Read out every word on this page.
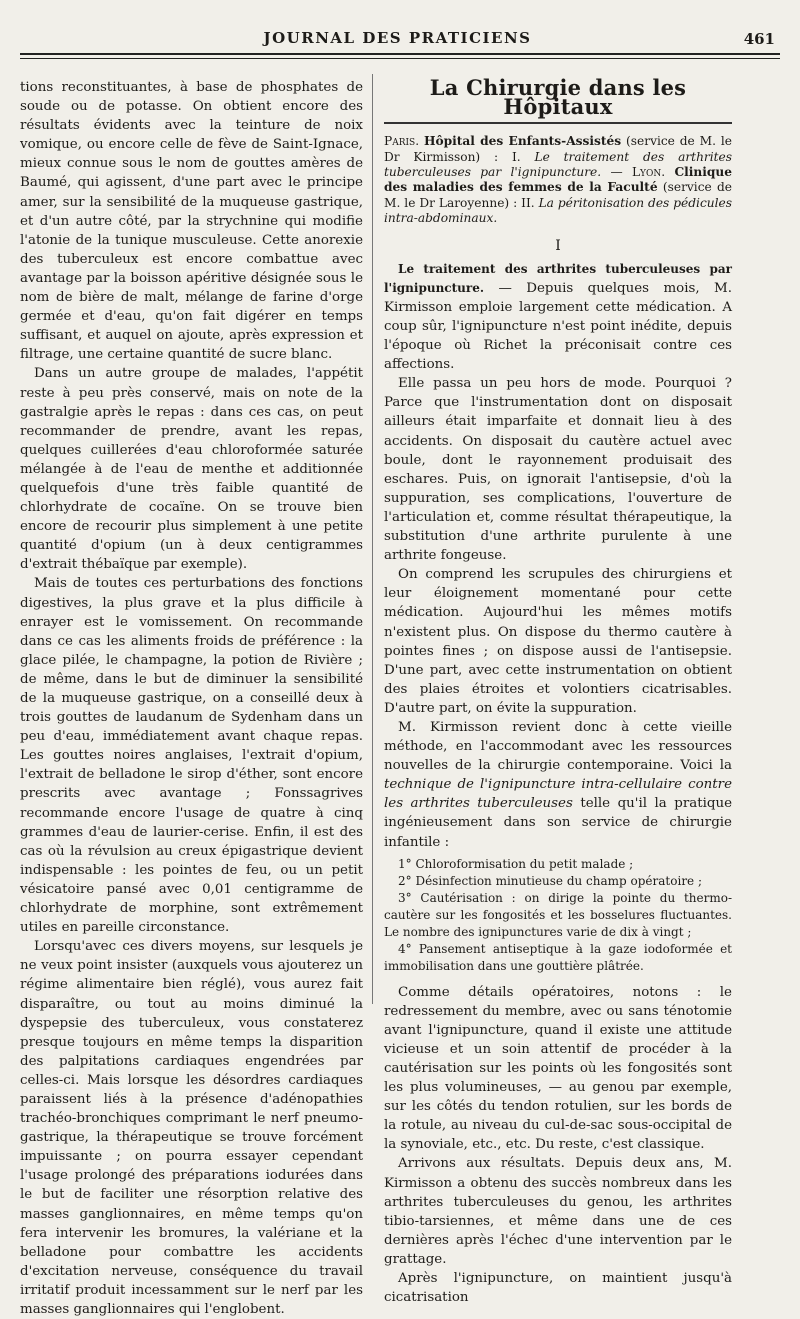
JOURNAL DES PRATICIENS	461

tions reconstituantes, à base de phosphates de soude ou de potasse. On obtient encore des résultats évidents avec la teinture de noix vomique, ou encore celle de fève de Saint-Ignace, mieux connue sous le nom de gouttes amères de Baumé, qui agissent, d'une part avec le principe amer, sur la sensibilité de la muqueuse gastrique, et d'un autre côté, par la strychnine qui modifie l'atonie de la tunique musculeuse. Cette anorexie des tuberculeux est encore combattue avec avantage par la boisson apéritive désignée sous le nom de bière de malt, mélange de farine d'orge germée et d'eau, qu'on fait digérer en temps suffisant, et auquel on ajoute, après expression et filtrage, une certaine quantité de sucre blanc.

Dans un autre groupe de malades, l'appétit reste à peu près conservé, mais on note de la gastralgie après le repas : dans ces cas, on peut recommander de prendre, avant les repas, quelques cuillerées d'eau chloroformée saturée mélangée à de l'eau de menthe et additionnée quelquefois d'une très faible quantité de chlorhydrate de cocaïne. On se trouve bien encore de recourir plus simplement à une petite quantité d'opium (un à deux centigrammes d'extrait thébaïque par exemple).

Mais de toutes ces perturbations des fonctions digestives, la plus grave et la plus difficile à enrayer est le vomissement. On recommande dans ce cas les aliments froids de préférence : la glace pilée, le champagne, la potion de Rivière ; de même, dans le but de diminuer la sensibilité de la muqueuse gastrique, on a conseillé deux à trois gouttes de laudanum de Sydenham dans un peu d'eau, immédiatement avant chaque repas. Les gouttes noires anglaises, l'extrait d'opium, l'extrait de belladone le sirop d'éther, sont encore prescrits avec avantage ; Fonssagrives recommande encore l'usage de quatre à cinq grammes d'eau de laurier-cerise. Enfin, il est des cas où la révulsion au creux épigastrique devient indispensable : les pointes de feu, ou un petit vésicatoire pansé avec 0,01 centigramme de chlorhydrate de morphine, sont extrêmement utiles en pareille circonstance.

Lorsqu'avec ces divers moyens, sur lesquels je ne veux point insister (auxquels vous ajouterez un régime alimentaire bien réglé), vous aurez fait disparaître, ou tout au moins diminué la dyspepsie des tuberculeux, vous constaterez presque toujours en même temps la disparition des palpitations cardiaques engendrées par celles-ci. Mais lorsque les désordres cardiaques paraissent liés à la présence d'adénopathies trachéo-bronchiques comprimant le nerf pneumo-gastrique, la thérapeutique se trouve forcément impuissante ; on pourra essayer cependant l'usage prolongé des préparations iodurées dans le but de faciliter une résorption relative des masses ganglionnaires, en même temps qu'on fera intervenir les bromures, la valériane et la belladone pour combattre les accidents d'excitation nerveuse, conséquence du travail irritatif produit incessamment sur le nerf par les masses ganglionnaires qui l'englobent.

La Chirurgie dans les Hôpitaux

Paris. Hôpital des Enfants-Assistés (service de M. le Dr Kirmisson) : I. Le traitement des arthrites tuberculeuses par l'ignipuncture. — Lyon. Clinique des maladies des femmes de la Faculté (service de M. le Dr Laroyenne) : II. La péritonisation des pédicules intra-abdominaux.

I

Le traitement des arthrites tuberculeuses par l'ignipuncture. — Depuis quelques mois, M. Kirmisson emploie largement cette médication. A coup sûr, l'ignipuncture n'est point inédite, depuis l'époque où Richet la préconisait contre ces affections.

Elle passa un peu hors de mode. Pourquoi ? Parce que l'instrumentation dont on disposait ailleurs était imparfaite et donnait lieu à des accidents. On disposait du cautère actuel avec boule, dont le rayonnement produisait des eschares. Puis, on ignorait l'antisepsie, d'où la suppuration, ses complications, l'ouverture de l'articulation et, comme résultat thérapeutique, la substitution d'une arthrite purulente à une arthrite fongeuse.

On comprend les scrupules des chirurgiens et leur éloignement momentané pour cette médication. Aujourd'hui les mêmes motifs n'existent plus. On dispose du thermo cautère à pointes fines ; on dispose aussi de l'antisepsie. D'une part, avec cette instrumentation on obtient des plaies étroites et volontiers cicatrisables. D'autre part, on évite la suppuration.

M. Kirmisson revient donc à cette vieille méthode, en l'accommodant avec les ressources nouvelles de la chirurgie contemporaine. Voici la technique de l'ignipuncture intra-cellulaire contre les arthrites tuberculeuses telle qu'il la pratique ingénieusement dans son service de chirurgie infantile :

1° Chloroformisation du petit malade ;
2° Désinfection minutieuse du champ opératoire ;
3° Cautérisation : on dirige la pointe du thermo-cautère sur les fongosités et les bosselures fluctuantes. Le nombre des ignipunctures varie de dix à vingt ;
4° Pansement antiseptique à la gaze iodoformée et immobilisation dans une gouttière plâtrée.

Comme détails opératoires, notons : le redressement du membre, avec ou sans ténotomie avant l'ignipuncture, quand il existe une attitude vicieuse et un soin attentif de procéder à la cautérisation sur les points où les fongosités sont les plus volumineuses, — au genou par exemple, sur les côtés du tendon rotulien, sur les bords de la rotule, au niveau du cul-de-sac sous-occipital de la synoviale, etc., etc. Du reste, c'est classique.

Arrivons aux résultats. Depuis deux ans, M. Kirmisson a obtenu des succès nombreux dans les arthrites tuberculeuses du genou, les arthrites tibio-tarsiennes, et même dans une de ces dernières après l'échec d'une intervention par le grattage.

Après l'ignipuncture, on maintient jusqu'à cicatrisation
